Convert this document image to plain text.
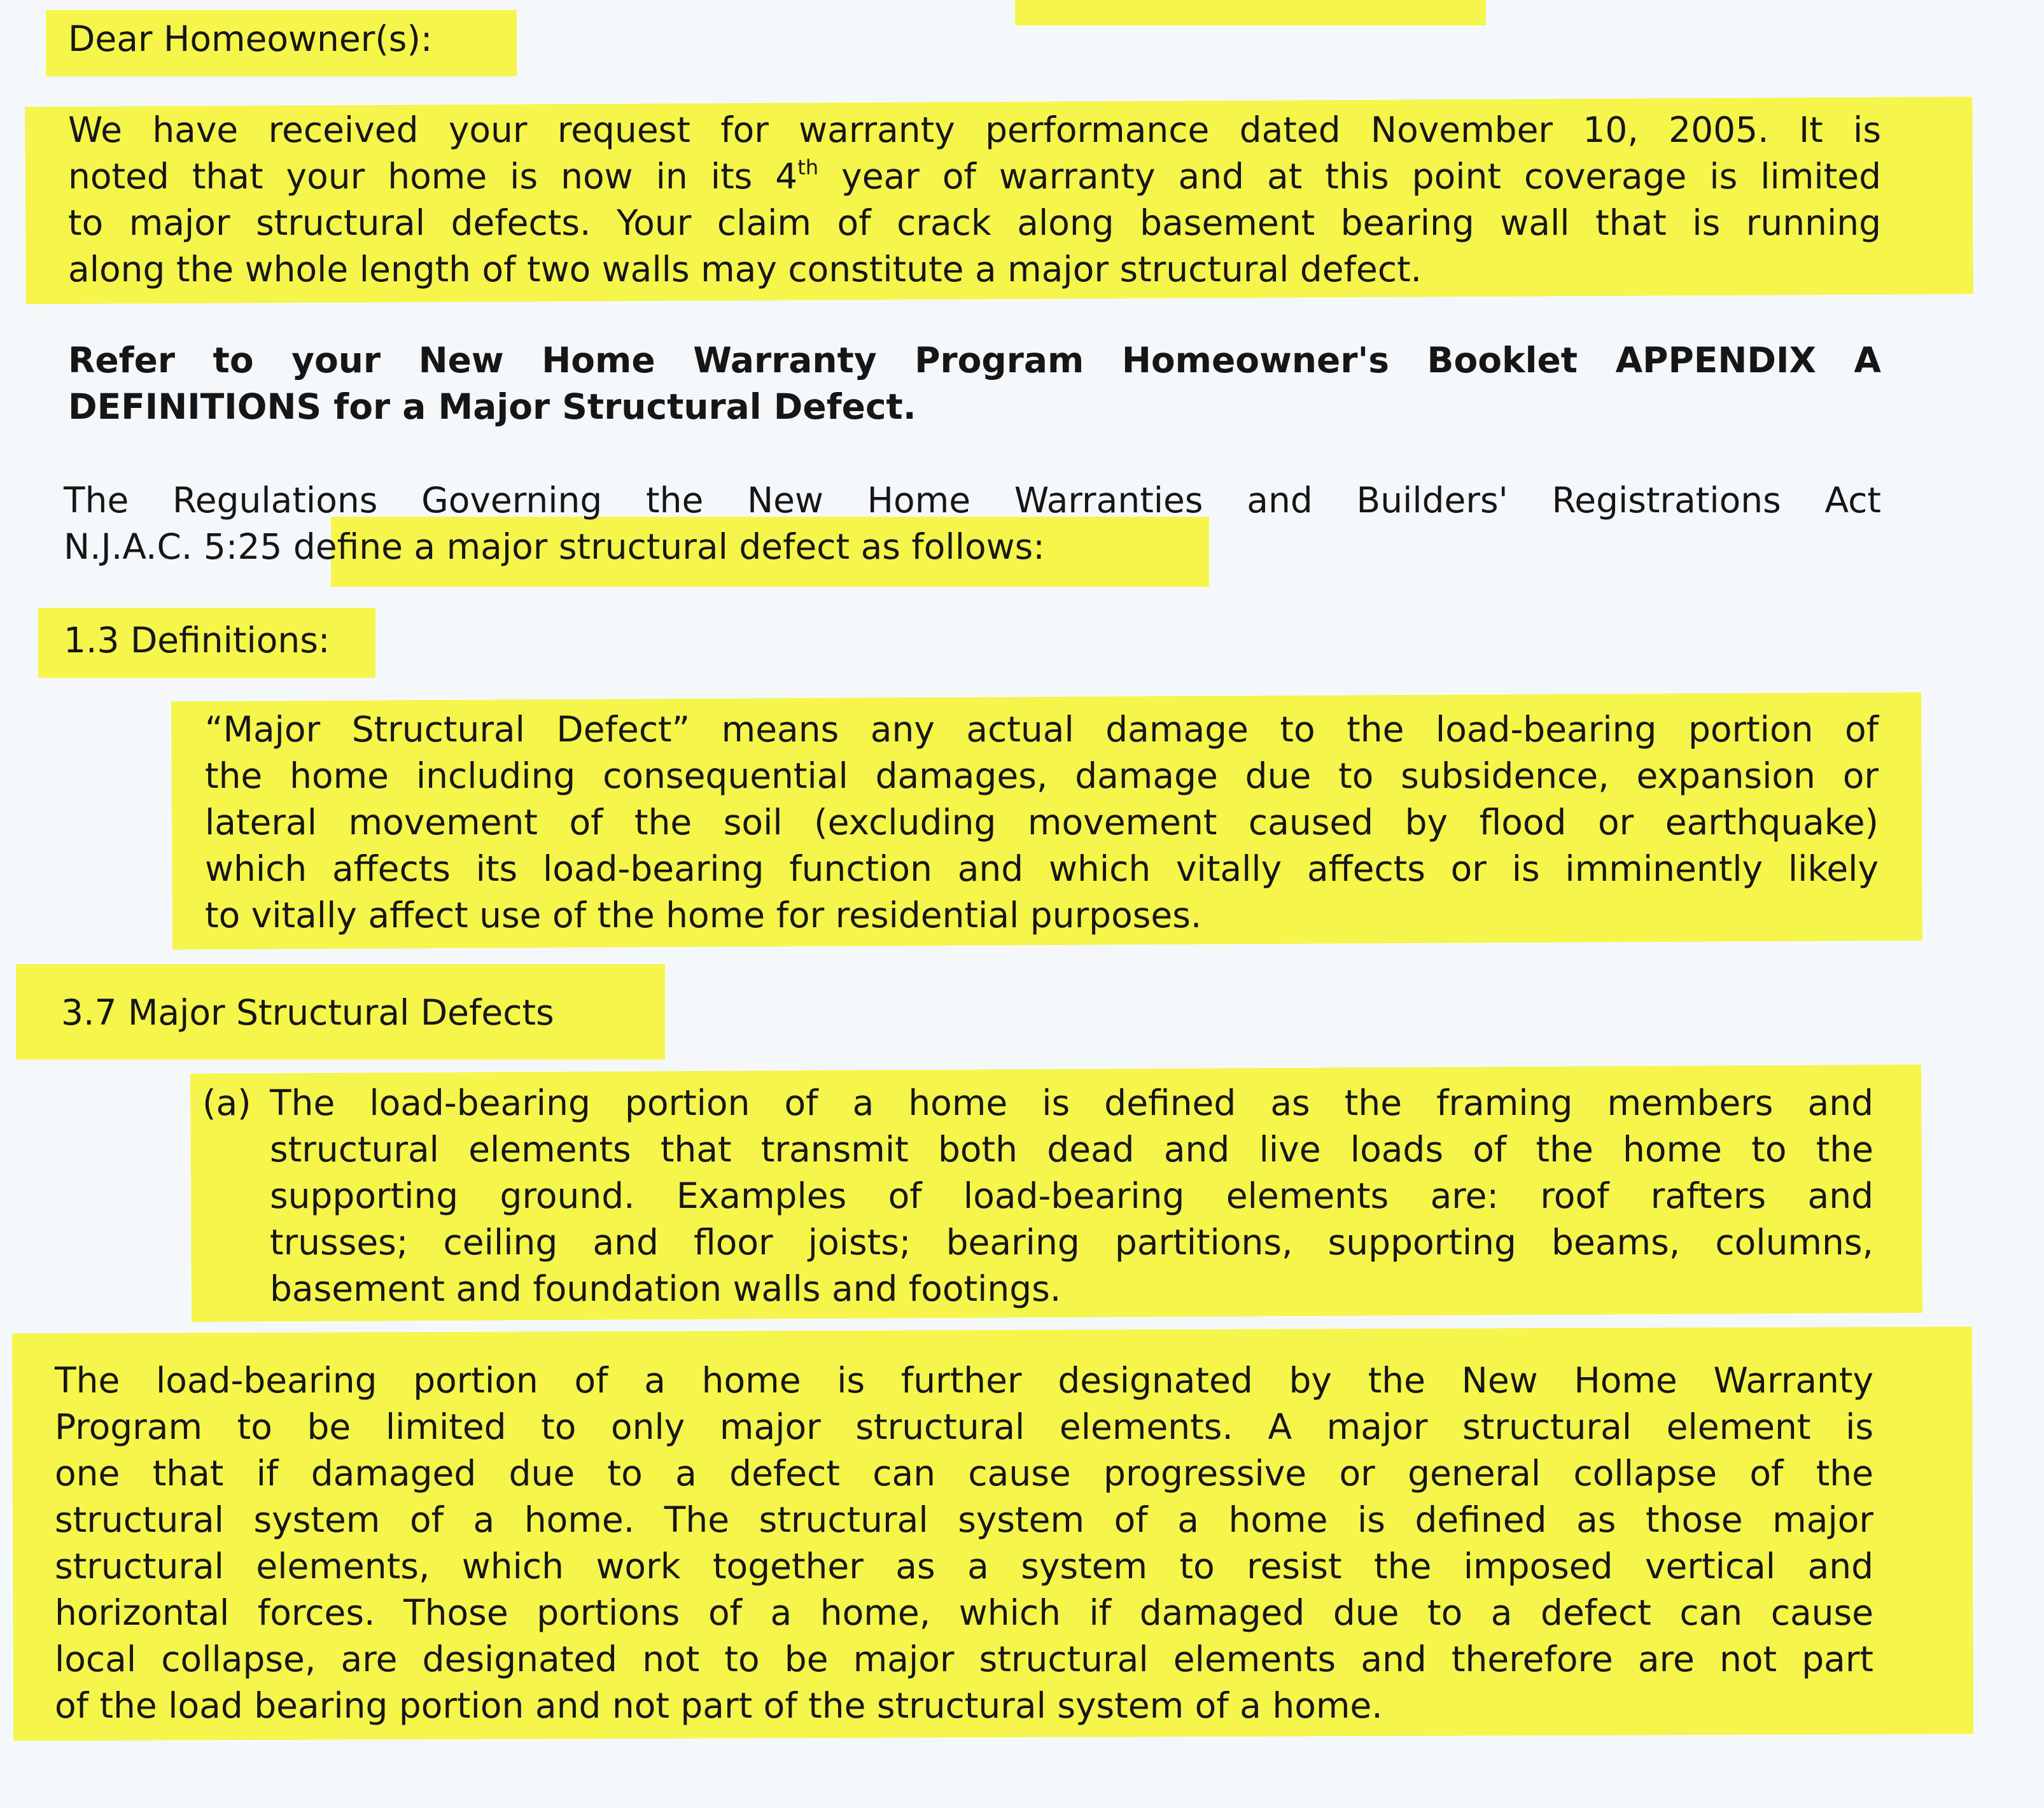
Dear Homeowner(s):
We have received your request for warranty performance dated November 10, 2005. It is
noted that your home is now in its 4th year of warranty and at this point coverage is limited
to major structural defects. Your claim of crack along basement bearing wall that is running
along the whole length of two walls may constitute a major structural defect.
Refer to your New Home Warranty Program Homeowner's Booklet APPENDIX A
DEFINITIONS for a Major Structural Defect.
The Regulations Governing the New Home Warranties and Builders' Registrations Act
N.J.A.C. 5:25 define a major structural defect as follows:
1.3 Definitions:
“Major Structural Defect” means any actual damage to the load-bearing portion of
the home including consequential damages, damage due to subsidence, expansion or
lateral movement of the soil (excluding movement caused by flood or earthquake)
which affects its load-bearing function and which vitally affects or is imminently likely
to vitally affect use of the home for residential purposes.
3.7 Major Structural Defects
(a) The load-bearing portion of a home is defined as the framing members and
structural elements that transmit both dead and live loads of the home to the
supporting ground. Examples of load-bearing elements are: roof rafters and
trusses; ceiling and floor joists; bearing partitions, supporting beams, columns,
basement and foundation walls and footings.
The load-bearing portion of a home is further designated by the New Home Warranty
Program to be limited to only major structural elements. A major structural element is
one that if damaged due to a defect can cause progressive or general collapse of the
structural system of a home. The structural system of a home is defined as those major
structural elements, which work together as a system to resist the imposed vertical and
horizontal forces. Those portions of a home, which if damaged due to a defect can cause
local collapse, are designated not to be major structural elements and therefore are not part
of the load bearing portion and not part of the structural system of a home.
